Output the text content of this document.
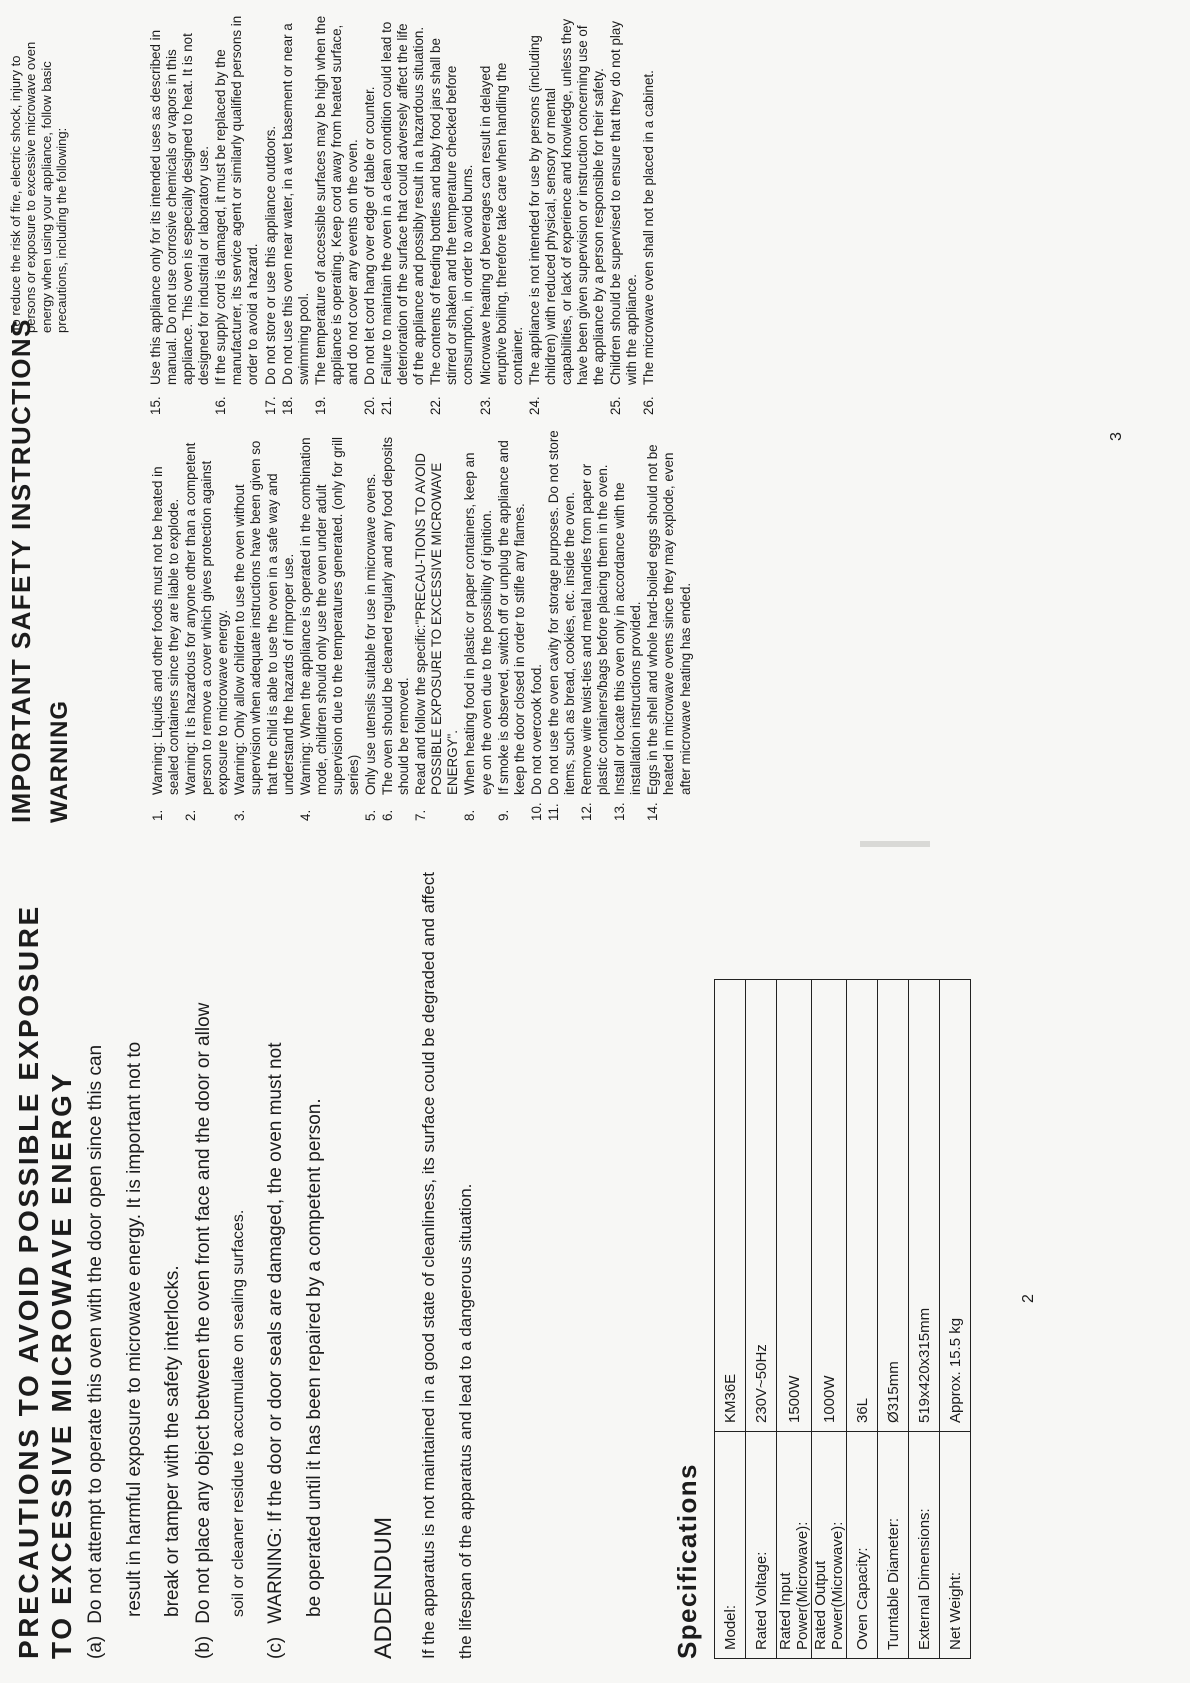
PRECAUTIONS TO AVOID POSSIBLE EXPOSURE
TO EXCESSIVE MICROWAVE ENERGY (a) Do not attempt to operate this oven with the door open since this can result in harmful exposure to microwave energy. It is important not to break or tamper with the safety interlocks.

(b) Do not place any object between the oven front face and the door or allow soil or cleaner residue to accumulate on sealing surfaces.

(c) WARNING: If the door or door seals are damaged, the oven must not be operated until it has been repaired by a competent person. ADDENDUM	If the apparatus is not maintained in a good state of cleanliness, its surface could be degraded and affect the lifespan of the apparatus and lead to a dangerous situation.	Specifications Model:	KM36E
Rated Voltage:	230V~50Hz
Rated Input Power(Microwave):	1500W
Rated Output Power(Microwave):	1000W
Oven Capacity:	36L
Turntable Diameter:	Ø315mm
External Dimensions:	519x420x315mm
Net Weight:	Approx. 15.5 kg

2

IMPORTANT SAFETY INSTRUCTIONS WARNING

To reduce the risk of fire, electric shock, injury to persons or exposure to excessive microwave oven energy when using your appliance, follow basic precautions, including the following:

1.
Warning: Liquids and other foods must not be heated in sealed containers since they are liable to explode.
2.
Warning: It is hazardous for anyone other than a competent person to remove a cover which gives protection against exposure to microwave energy.
3.
Warning: Only allow children to use the oven without supervision when adequate instructions have been given so that the child is able to use the oven in a safe way and understand the hazards of improper use.
4.
Warning: When the appliance is operated in the combination mode, children should only use the oven under adult supervision due to the temperatures generated. (only for grill series)
5.
Only use utensils suitable for use in microwave ovens.
6.
The oven should be cleaned regularly and any food deposits should be removed.
7.
Read and follow the specific:"PRECAU-TIONS TO AVOID POSSIBLE EXPOSURE TO EXCESSIVE MICROWAVE ENERGY".
8.
When heating food in plastic or paper containers, keep an eye on the oven due to the possibility of ignition.
9.
If smoke is observed, switch off or unplug the appliance and keep the door closed in order to stifle any flames.
10.
Do not overcook food.
11.
Do not use the oven cavity for storage purposes. Do not store items, such as bread, cookies, etc. inside the oven.
12.
Remove wire twist-ties and metal handles from paper or plastic containers/bags before placing them in the oven.
13.
Install or locate this oven only in accordance with the installation instructions provided.
14.
Eggs in the shell and whole hard-boiled eggs should not be heated in microwave ovens since they may explode, even after microwave heating has ended.
15.
Use this appliance only for its intended uses as described in manual. Do not use corrosive chemicals or vapors in this appliance. This oven is especially designed to heat. It is not designed for industrial or laboratory use.
16.
If the supply cord is damaged, it must be replaced by the manufacturer, its service agent or similarly qualified persons in order to avoid a hazard.
17.
Do not store or use this appliance outdoors.
18.
Do not use this oven near water, in a wet basement or near a swimming pool.
19.
The temperature of accessible surfaces may be high when the appliance is operating. Keep cord away from heated surface, and do not cover any events on the oven.
20.
Do not let cord hang over edge of table or counter.
21.
Failure to maintain the oven in a clean condition could lead to deterioration of the surface that could adversely affect the life of the appliance and possibly result in a hazardous situation.
22.
The contents of feeding bottles and baby food jars shall be stirred or shaken and the temperature checked before consumption, in order to avoid burns.
23.
Microwave heating of beverages can result in delayed eruptive boiling, therefore take care when handling the container.
24.
The appliance is not intended for use by persons (including children) with reduced physical, sensory or mental capabilities, or lack of experience and knowledge, unless they have been given supervision or instruction concerning use of the appliance by a person responsible for their safety.
25.
Children should be supervised to ensure that they do not play with the appliance.
26.
The microwave oven shall not be placed in a cabinet.

3
